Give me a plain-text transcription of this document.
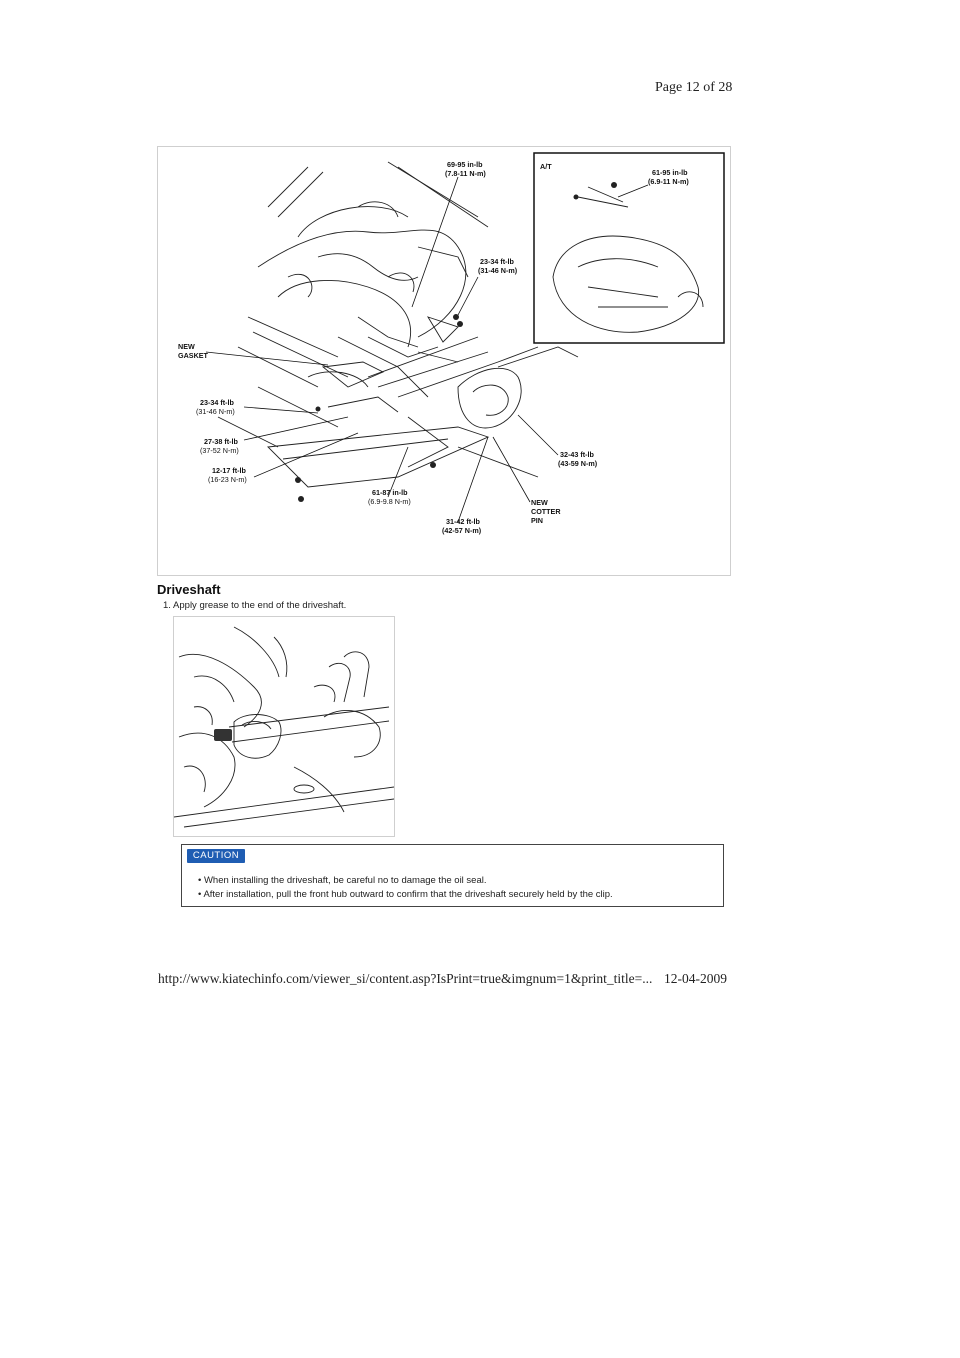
Page 12 of 28
69-95 in-lb
(7.8-11 N-m)
23-34 ft-lb
(31-46 N-m)
NEW
GASKET
23-34 ft-lb
(31-46 N-m)
27-38 ft-lb
(37-52 N-m)
12-17 ft-lb
(16-23 N-m)
61-87 in-lb
(6.9-9.8 N-m)
31-42 ft-lb
(42-57 N-m)
NEW
COTTER
PIN
32-43 ft-lb
(43-59 N-m)
A/T
61-95 in-lb
(6.9-11 N-m)
Driveshaft
1. Apply grease to the end of the driveshaft.
CAUTION
• When installing the driveshaft, be careful no to damage the oil seal.
• After installation, pull the front hub outward to confirm that the driveshaft securely held by the clip.
http://www.kiatechinfo.com/viewer_si/content.asp?IsPrint=true&imgnum=1&print_title=... 12-04-2009
